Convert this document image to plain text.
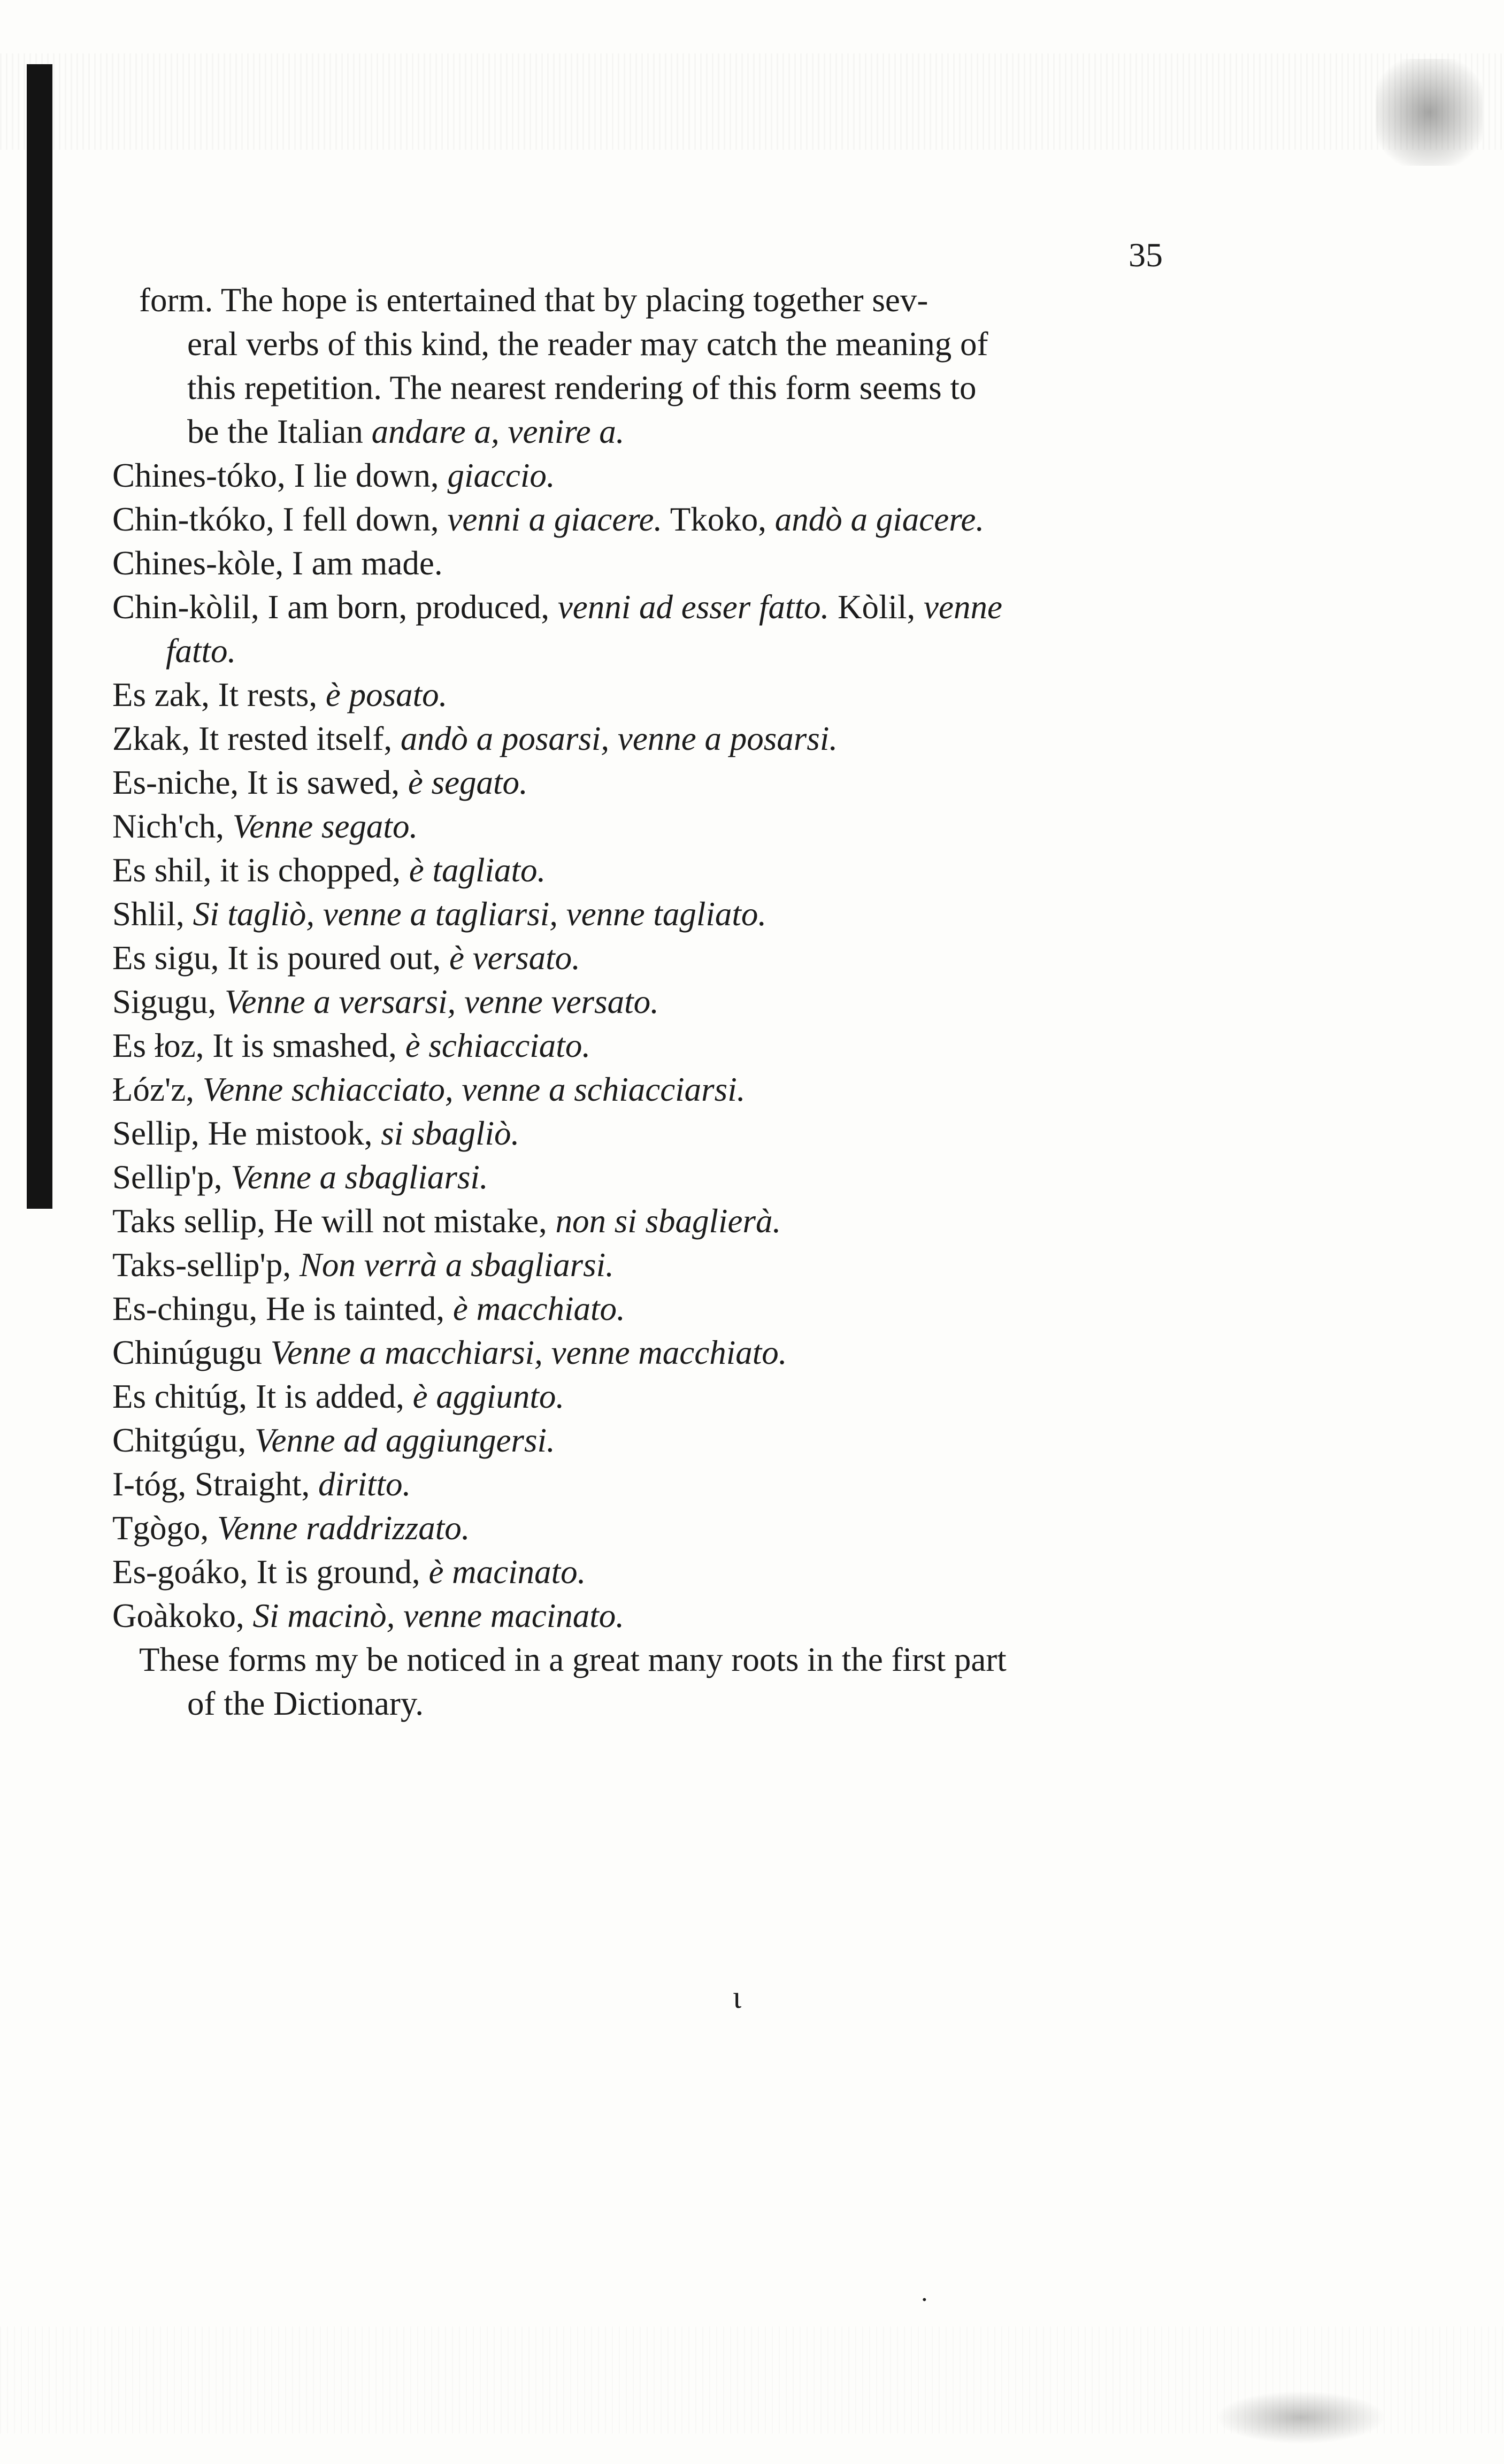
35
form. The hope is entertained that by placing together sev-
eral verbs of this kind, the reader may catch the meaning of
this repetition. The nearest rendering of this form seems to
be the Italian andare a, venire a.
Chines-tóko, I lie down, giaccio.
Chin-tkóko, I fell down, venni a giacere. Tkoko, andò a giacere.
Chines-kòle, I am made.
Chin-kòlil, I am born, produced, venni ad esser fatto. Kòlil, venne
fatto.
Es zak, It rests, è posato.
Zkak, It rested itself, andò a posarsi, venne a posarsi.
Es-niche, It is sawed, è segato.
Nich'ch, Venne segato.
Es shil, it is chopped, è tagliato.
Shlil, Si tagliò, venne a tagliarsi, venne tagliato.
Es sigu, It is poured out, è versato.
Sigugu, Venne a versarsi, venne versato.
Es łoz, It is smashed, è schiacciato.
Łóz'z, Venne schiacciato, venne a schiacciarsi.
Sellip, He mistook, si sbagliò.
Sellip'p, Venne a sbagliarsi.
Taks sellip, He will not mistake, non si sbaglierà.
Taks-sellip'p, Non verrà a sbagliarsi.
Es-chingu, He is tainted, è macchiato.
Chinúgugu Venne a macchiarsi, venne macchiato.
Es chitúg, It is added, è aggiunto.
Chitgúgu, Venne ad aggiungersi.
I-tóg, Straight, diritto.
Tgògo, Venne raddrizzato.
Es-goáko, It is ground, è macinato.
Goàkoko, Si macinò, venne macinato.
These forms my be noticed in a great many roots in the first part
of the Dictionary.
ι
·
